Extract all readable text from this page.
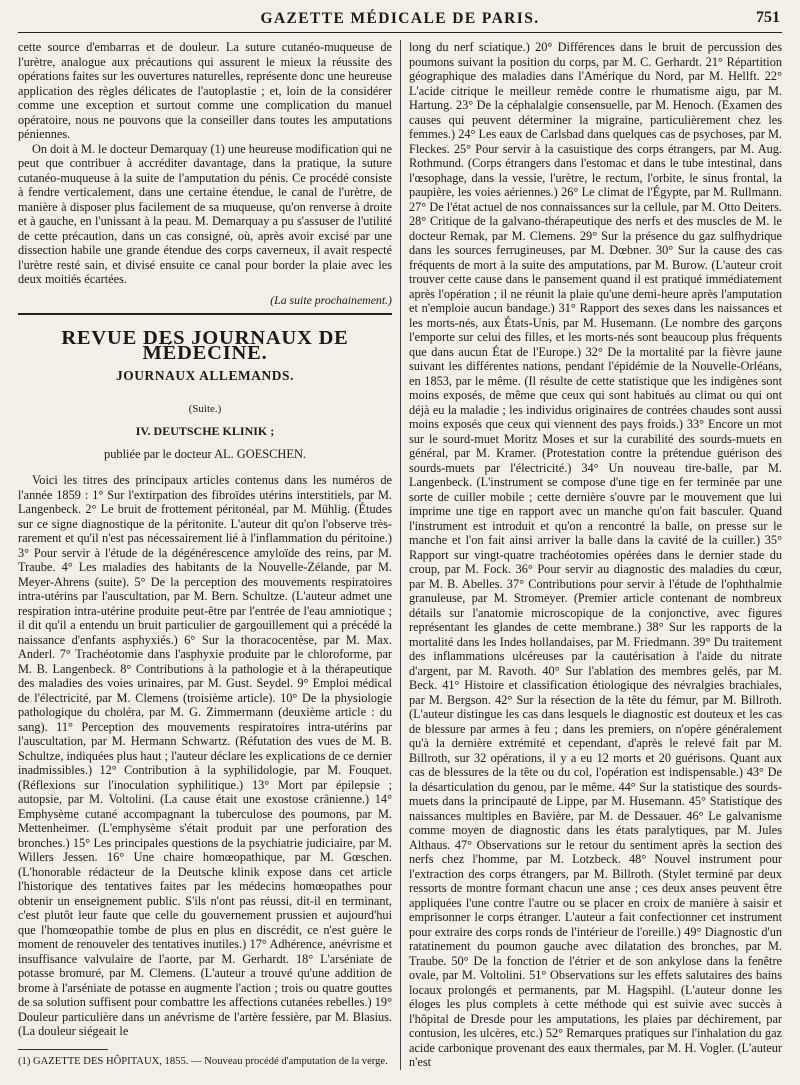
GAZETTE MÉDICALE DE PARIS.	751

cette source d'embarras et de douleur. La suture cutanéo-muqueuse de l'urètre, analogue aux précautions qui assurent le mieux la réussite des opérations faites sur les ouvertures naturelles, représente donc une heureuse application des règles délicates de l'autoplastie ; et, loin de la considérer comme une exception et surtout comme une complication du manuel opératoire, nous ne pouvons que la conseiller dans toutes les amputations péniennes.

On doit à M. le docteur Demarquay (1) une heureuse modification qui ne peut que contribuer à accréditer davantage, dans la pratique, la suture cutanéo-muqueuse à la suite de l'amputation du pénis. Ce procédé consiste à fendre verticalement, dans une certaine étendue, le canal de l'urètre, de manière à disposer plus facilement de sa muqueuse, qu'on renverse à droite et à gauche, en l'unissant à la peau. M. Demarquay a pu s'assuser de l'utilité de cette précaution, dans un cas consigné, où, après avoir excisé par une dissection habile une grande étendue des corps caverneux, il avait respecté l'urètre resté sain, et divisé ensuite ce canal pour border la plaie avec les deux moitiés écartées.

(La suite prochainement.)
REVUE DES JOURNAUX DE MÉDECINE.
JOURNAUX ALLEMANDS.
(Suite.)
IV. DEUTSCHE KLINIK ;
publiée par le docteur AL. GOESCHEN.

Voici les titres des principaux articles contenus dans les numéros de l'année 1859 : 1° Sur l'extirpation des fibroïdes utérins interstitiels, par M. Langenbeck. 2° Le bruit de frottement péritonéal, par M. Mühlig. (Études sur ce signe diagnostique de la péritonite. L'auteur dit qu'on l'observe très-rarement et qu'il n'est pas nécessairement lié à l'inflammation du péritoine.) 3° Pour servir à l'étude de la dégénérescence amyloïde des reins, par M. Traube. 4° Les maladies des habitants de la Nouvelle-Zélande, par M. Meyer-Ahrens (suite). 5° De la perception des mouvements respiratoires intra-utérins par l'auscultation, par M. Bern. Schultze. (L'auteur admet une respiration intra-utérine produite peut-être par l'entrée de l'eau amniotique ; il dit qu'il a entendu un bruit particulier de gargouillement qui a précédé la naissance d'enfants asphyxiés.) 6° Sur la thoracocentèse, par M. Max. Anderl. 7° Trachéotomie dans l'asphyxie produite par le chloroforme, par M. B. Langenbeck. 8° Contributions à la pathologie et à la thérapeutique des maladies des voies urinaires, par M. Gust. Seydel. 9° Emploi médical de l'électricité, par M. Clemens (troisième article). 10° De la physiologie pathologique du choléra, par M. G. Zimmermann (deuxième article : du sang). 11° Perception des mouvements respiratoires intra-utérins par l'auscultation, par M. Hermann Schwartz. (Réfutation des vues de M. B. Schultze, indiquées plus haut ; l'auteur déclare les explications de ce dernier inadmissibles.) 12° Contribution à la syphilidologie, par M. Fouquet. (Réflexions sur l'inoculation syphilitique.) 13° Mort par épilepsie ; autopsie, par M. Voltolini. (La cause était une exostose crânienne.) 14° Emphysème cutané accompagnant la tuberculose des poumons, par M. Mettenheimer. (L'emphysème s'était produit par une perforation des bronches.) 15° Les principales questions de la psychiatrie judiciaire, par M. Willers Jessen. 16° Une chaire homœopathique, par M. Gœschen. (L'honorable rédacteur de la Deutsche klinik expose dans cet article l'historique des tentatives faites par les médecins homœopathes pour obtenir un enseignement public. S'ils n'ont pas réussi, dit-il en terminant, c'est plutôt leur faute que celle du gouvernement prussien et aujourd'hui que l'homœopathie tombe de plus en plus en discrédit, ce n'est guère le moment de renouveler des tentatives inutiles.) 17° Adhérence, anévrisme et insuffisance valvulaire de l'aorte, par M. Gerhardt. 18° L'arséniate de potasse bromuré, par M. Clemens. (L'auteur a trouvé qu'une addition de brome à l'arséniate de potasse en augmente l'action ; trois ou quatre gouttes de sa solution suffisent pour combattre les affections cutanées rebelles.) 19° Douleur particulière dans un anévrisme de l'artère fessière, par M. Blasius. (La douleur siégeait le

(1) GAZETTE DES HÔPITAUX, 1855. — Nouveau procédé d'amputation de la verge.

long du nerf sciatique.) 20° Différences dans le bruit de percussion des poumons suivant la position du corps, par M. C. Gerhardt. 21° Répartition géographique des maladies dans l'Amérique du Nord, par M. Hellft. 22° L'acide citrique le meilleur remède contre le rhumatisme aigu, par M. Hartung. 23° De la céphalalgie consensuelle, par M. Henoch. (Examen des causes qui peuvent déterminer la migraine, particulièrement chez les femmes.) 24° Les eaux de Carlsbad dans quelques cas de psychoses, par M. Fleckes. 25° Pour servir à la casuistique des corps étrangers, par M. Aug. Rothmund. (Corps étrangers dans l'estomac et dans le tube intestinal, dans l'œsophage, dans la vessie, l'urètre, le rectum, l'orbite, le sinus frontal, la paupière, les voies aériennes.) 26° Le climat de l'Égypte, par M. Rullmann. 27° De l'état actuel de nos connaissances sur la cellule, par M. Otto Deiters. 28° Critique de la galvano-thérapeutique des nerfs et des muscles de M. le docteur Remak, par M. Clemens. 29° Sur la présence du gaz sulfhydrique dans les sources ferrugineuses, par M. Dœbner. 30° Sur la cause des cas fréquents de mort à la suite des amputations, par M. Burow. (L'auteur croit trouver cette cause dans le pansement quand il est pratiqué immédiatement après l'opération ; il ne réunit la plaie qu'une demi-heure après l'amputation et n'emploie aucun bandage.) 31° Rapport des sexes dans les naissances et les morts-nés, aux États-Unis, par M. Husemann. (Le nombre des garçons l'emporte sur celui des filles, et les morts-nés sont beaucoup plus fréquents que dans aucun État de l'Europe.) 32° De la mortalité par la fièvre jaune suivant les différentes nations, pendant l'épidémie de la Nouvelle-Orléans, en 1853, par le même. (Il résulte de cette statistique que les indigènes sont moins exposés, de même que ceux qui sont habitués au climat ou qui ont déjà eu la maladie ; les individus originaires de contrées chaudes sont aussi moins exposés que ceux qui viennent des pays froids.) 33° Encore un mot sur le sourd-muet Moritz Moses et sur la curabilité des sourds-muets en général, par M. Kramer. (Protestation contre la prétendue guérison des sourds-muets par l'électricité.) 34° Un nouveau tire-balle, par M. Langenbeck. (L'instrument se compose d'une tige en fer terminée par une sorte de cuiller mobile ; cette dernière s'ouvre par le mouvement que lui imprime une tige en rapport avec un manche qu'on fait basculer. Quand l'instrument est introduit et qu'on a rencontré la balle, on presse sur le manche et l'on fait ainsi arriver la balle dans la cavité de la cuiller.) 35° Rapport sur vingt-quatre trachéotomies opérées dans le dernier stade du croup, par M. Fock. 36° Pour servir au diagnostic des maladies du cœur, par M. B. Abelles. 37° Contributions pour servir à l'étude de l'ophthalmie granuleuse, par M. Stromeyer. (Premier article contenant de nombreux détails sur l'anatomie microscopique de la conjonctive, avec figures représentant les glandes de cette membrane.) 38° Sur les rapports de la mortalité dans les Indes hollandaises, par M. Friedmann. 39° Du traitement des inflammations ulcéreuses par la cautérisation à l'aide du nitrate d'argent, par M. Ravoth. 40° Sur l'ablation des membres gelés, par M. Beck. 41° Histoire et classification étiologique des névralgies brachiales, par M. Bergson. 42° Sur la résection de la tête du fémur, par M. Billroth. (L'auteur distingue les cas dans lesquels le diagnostic est douteux et les cas de blessure par armes à feu ; dans les premiers, on n'opère généralement qu'à la dernière extrémité et cependant, d'après le relevé fait par M. Billroth, sur 32 opérations, il y a eu 12 morts et 20 guérisons. Quant aux cas de blessures de la tête ou du col, l'opération est indispensable.) 43° De la désarticulation du genou, par le même. 44° Sur la statistique des sourds-muets dans la principauté de Lippe, par M. Husemann. 45° Statistique des naissances multiples en Bavière, par M. de Dessauer. 46° Le galvanisme comme moyen de diagnostic dans les états paralytiques, par M. Jules Althaus. 47° Observations sur le retour du sentiment après la section des nerfs chez l'homme, par M. Lotzbeck. 48° Nouvel instrument pour l'extraction des corps étrangers, par M. Billroth. (Stylet terminé par deux ressorts de montre formant chacun une anse ; ces deux anses peuvent être appliquées l'une contre l'autre ou se placer en croix de manière à saisir et emprisonner le corps étranger. L'auteur a fait confectionner cet instrument pour extraire des corps ronds de l'intérieur de l'oreille.) 49° Diagnostic d'un ratatinement du poumon gauche avec dilatation des bronches, par M. Traube. 50° De la fonction de l'étrier et de son ankylose dans la fenêtre ovale, par M. Voltolini. 51° Observations sur les effets salutaires des bains locaux prolongés et permanents, par M. Hagspihl. (L'auteur donne les éloges les plus complets à cette méthode qui est suivie avec succès à l'hôpital de Dresde pour les amputations, les plaies par déchirement, par contusion, les ulcères, etc.) 52° Remarques pratiques sur l'inhalation du gaz acide carbonique provenant des eaux thermales, par M. H. Vogler. (L'auteur n'est
